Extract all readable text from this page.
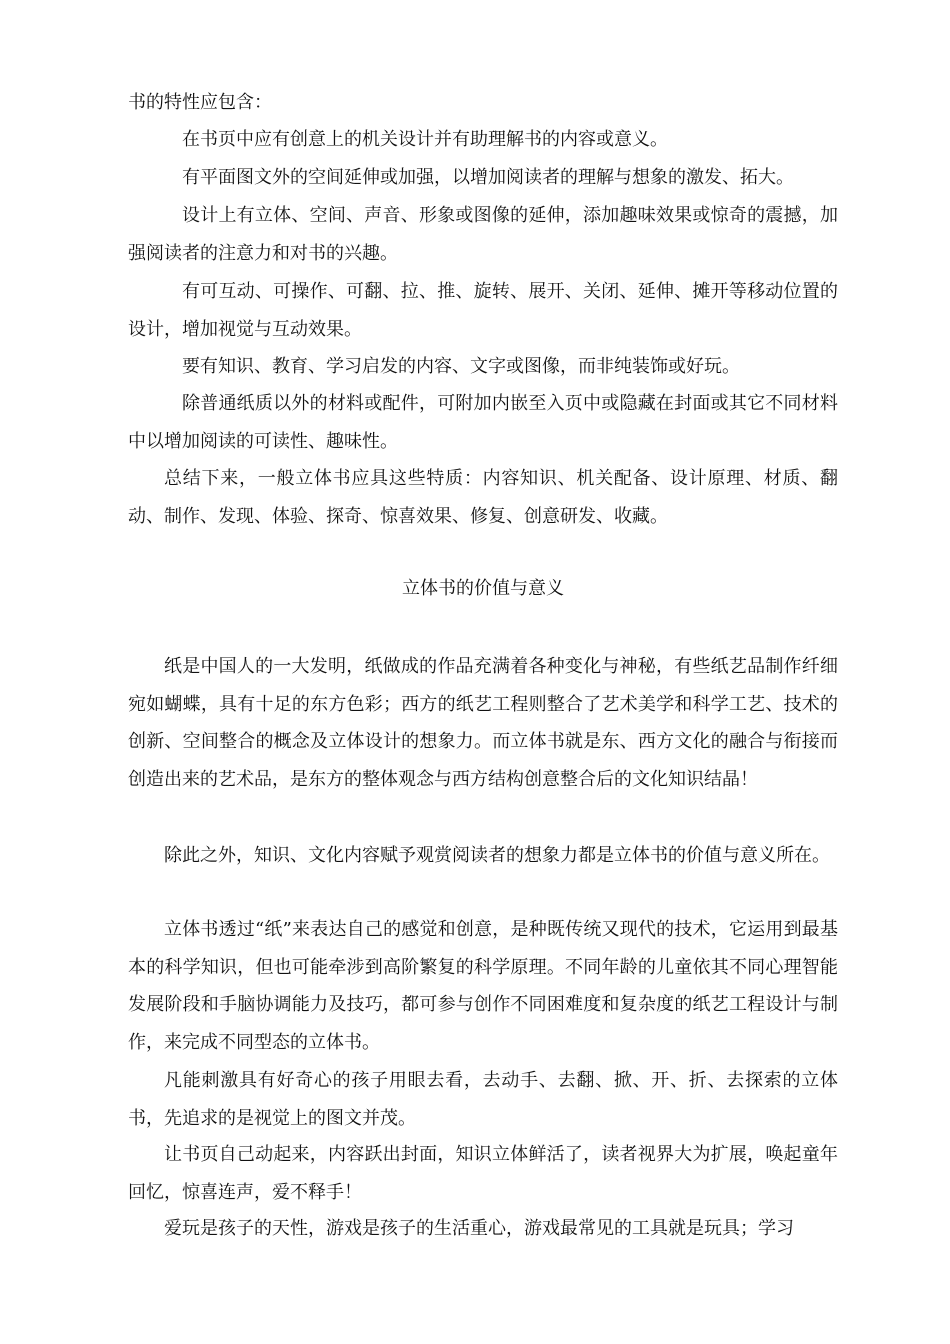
书的特性应包含：

在书页中应有创意上的机关设计并有助理解书的内容或意义。

有平面图文外的空间延伸或加强，以增加阅读者的理解与想象的激发、拓大。

设计上有立体、空间、声音、形象或图像的延伸，添加趣味效果或惊奇的震撼，加强阅读者的注意力和对书的兴趣。

有可互动、可操作、可翻、拉、推、旋转、展开、关闭、延伸、摊开等移动位置的设计，增加视觉与互动效果。

要有知识、教育、学习启发的内容、文字或图像，而非纯装饰或好玩。

除普通纸质以外的材料或配件，可附加内嵌至入页中或隐藏在封面或其它不同材料中以增加阅读的可读性、趣味性。

总结下来，一般立体书应具这些特质：内容知识、机关配备、设计原理、材质、翻动、制作、发现、体验、探奇、惊喜效果、修复、创意研发、收藏。

立体书的价值与意义

纸是中国人的一大发明，纸做成的作品充满着各种变化与神秘，有些纸艺品制作纤细宛如蝴蝶，具有十足的东方色彩；西方的纸艺工程则整合了艺术美学和科学工艺、技术的创新、空间整合的概念及立体设计的想象力。而立体书就是东、西方文化的融合与衔接而创造出来的艺术品，是东方的整体观念与西方结构创意整合后的文化知识结晶！

除此之外，知识、文化内容赋予观赏阅读者的想象力都是立体书的价值与意义所在。

立体书透过“纸”来表达自己的感觉和创意，是种既传统又现代的技术，它运用到最基本的科学知识，但也可能牵涉到高阶繁复的科学原理。不同年龄的儿童依其不同心理智能发展阶段和手脑协调能力及技巧，都可参与创作不同困难度和复杂度的纸艺工程设计与制作，来完成不同型态的立体书。

凡能刺激具有好奇心的孩子用眼去看，去动手、去翻、掀、开、折、去探索的立体书，先追求的是视觉上的图文并茂。

让书页自己动起来，内容跃出封面，知识立体鲜活了，读者视界大为扩展，唤起童年回忆，惊喜连声，爱不释手！

爱玩是孩子的天性，游戏是孩子的生活重心，游戏最常见的工具就是玩具；学习
